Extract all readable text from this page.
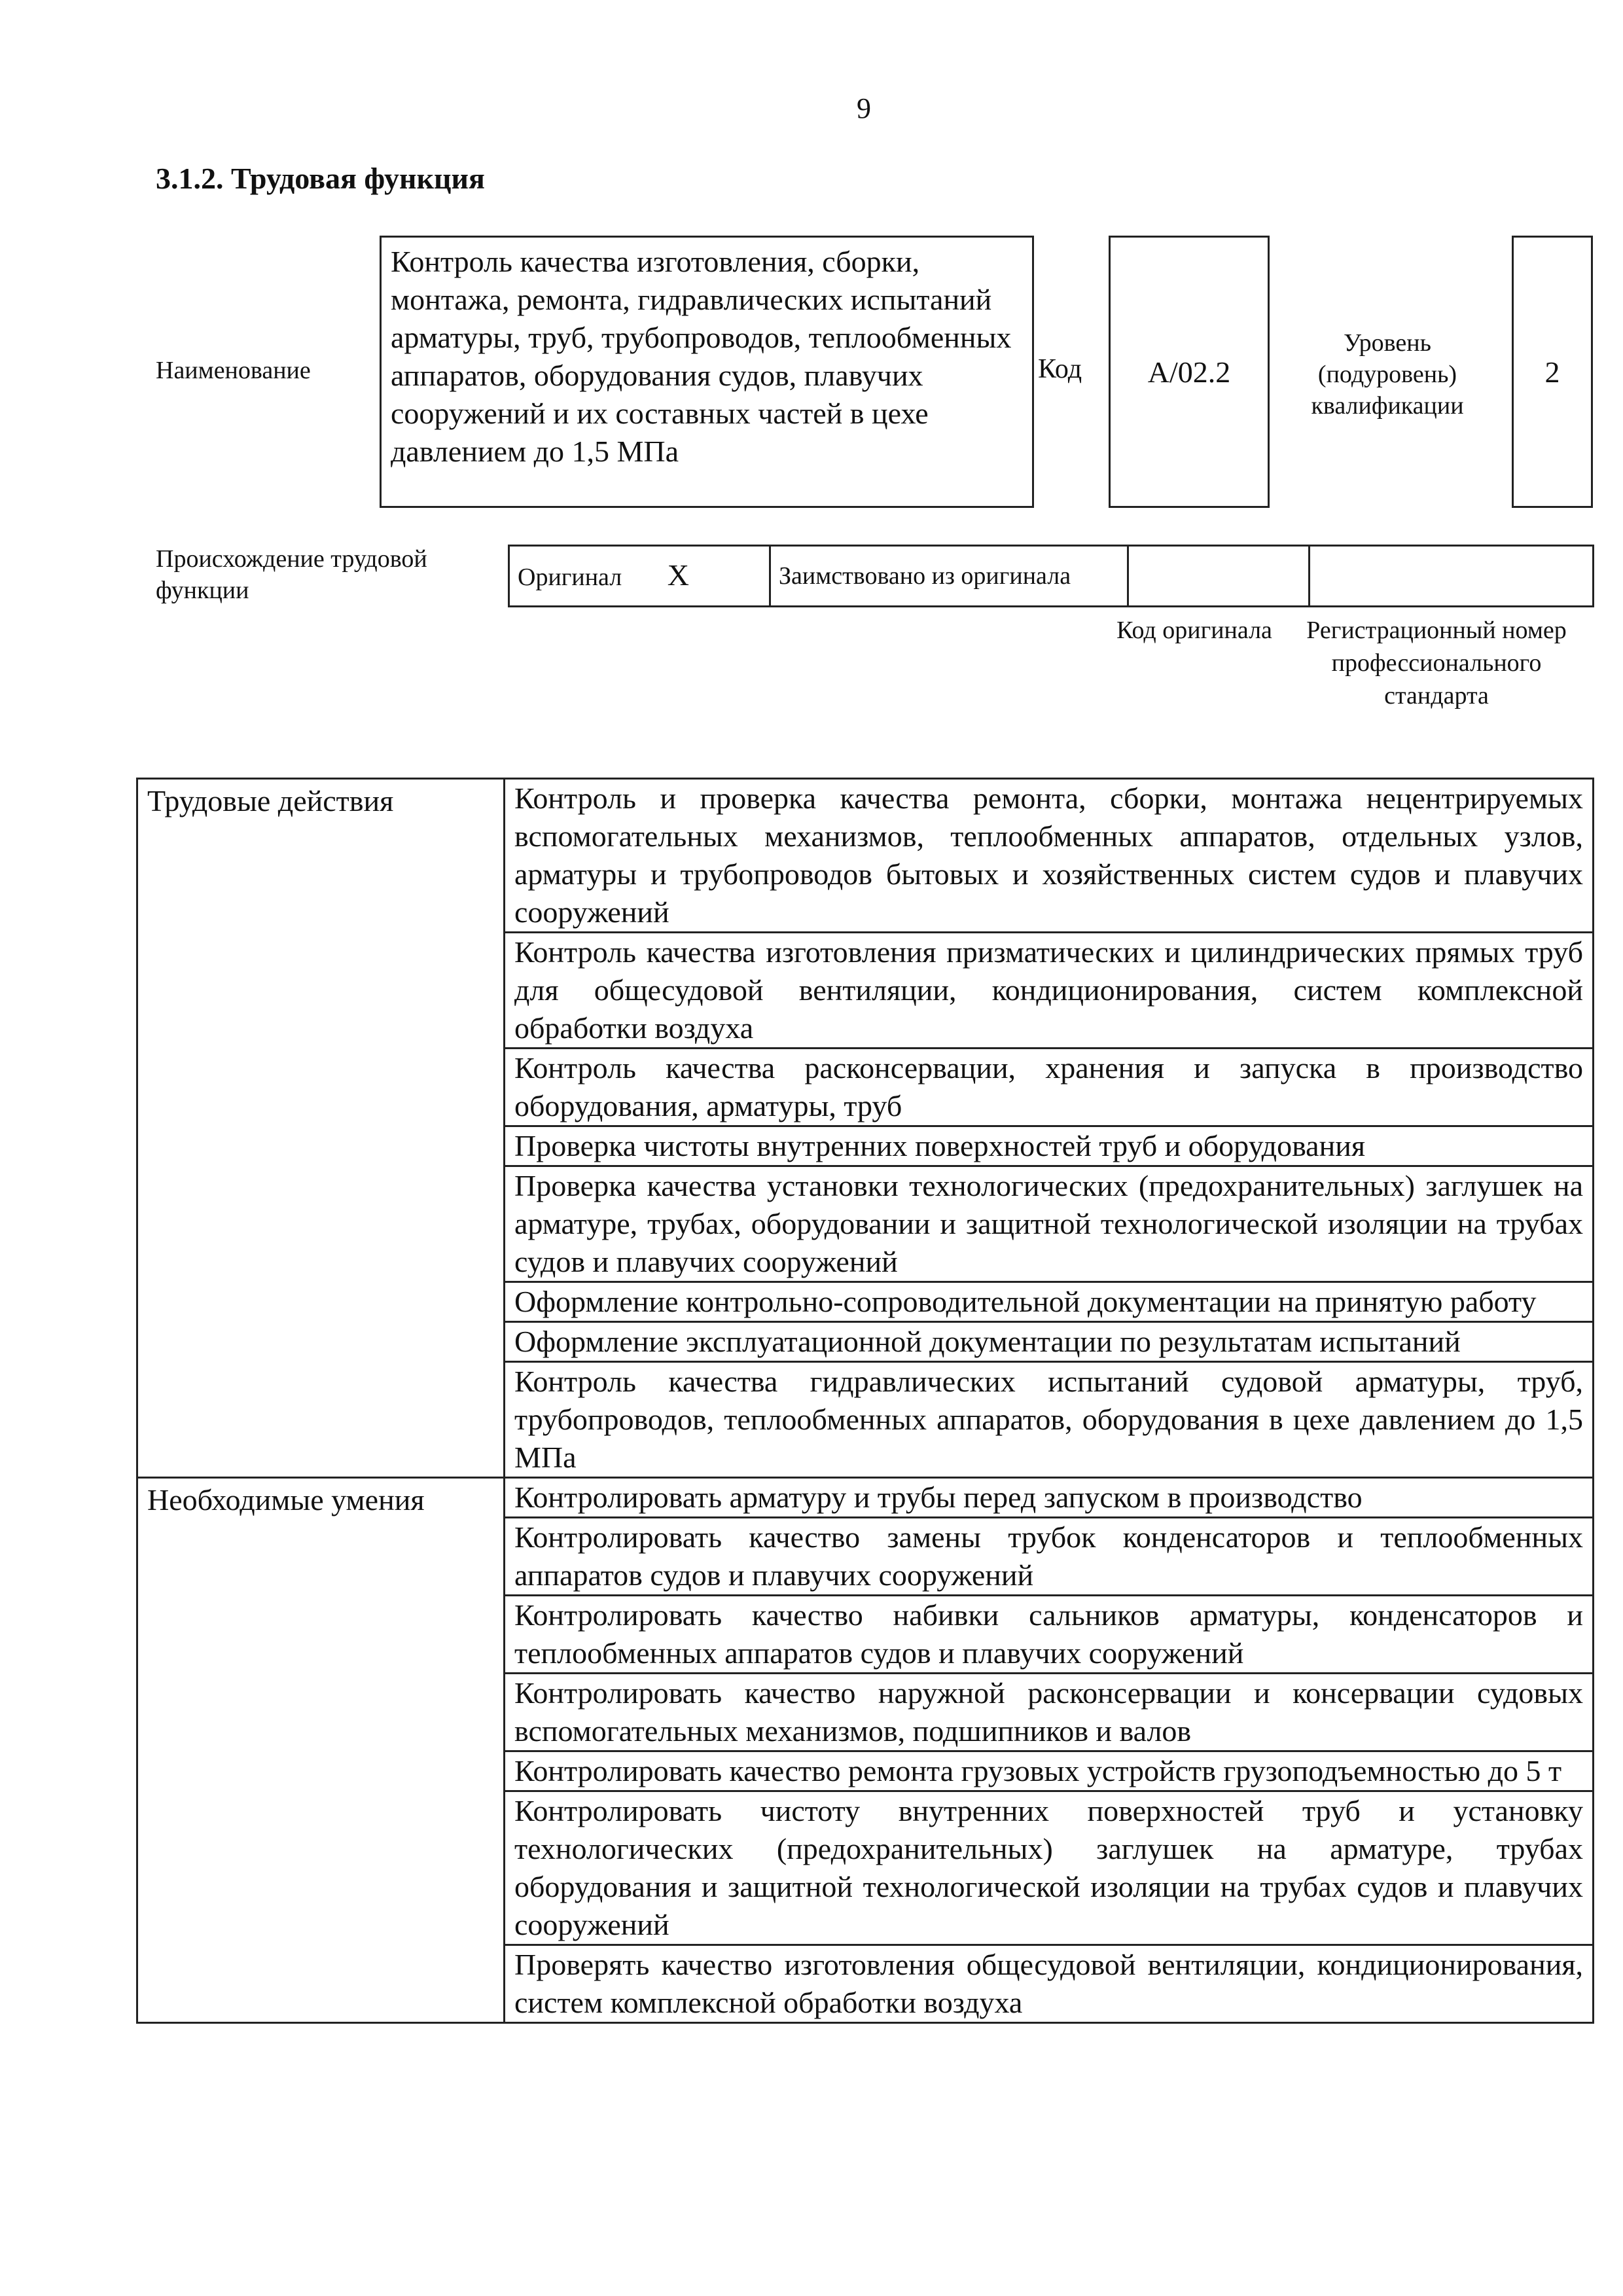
9
3.1.2. Трудовая функция
Наименование
Контроль качества изготовления, сборки, монтажа, ремонта, гидравлических испытаний арматуры, труб, трубопроводов, теплообменных аппаратов, оборудования судов, плавучих сооружений и их составных частей в цехе давлением до 1,5 МПа
Код А/02.2
Уровень (подуровень) квалификации
2
Происхождение трудовой функции	Оригинал X	Заимствовано из оригинала		
Код оригинала	Регистрационный номер профессионального стандарта
Трудовые действия	Контроль и проверка качества ремонта, сборки, монтажа нецентрируемых вспомогательных механизмов, теплообменных аппаратов, отдельных узлов, арматуры и трубопроводов бытовых и хозяйственных систем судов и плавучих сооружений
	Контроль качества изготовления призматических и цилиндрических прямых труб для общесудовой вентиляции, кондиционирования, систем комплексной обработки воздуха
	Контроль качества расконсервации, хранения и запуска в производство оборудования, арматуры, труб
	Проверка чистоты внутренних поверхностей труб и оборудования
	Проверка качества установки технологических (предохранительных) заглушек на арматуре, трубах, оборудовании и защитной технологической изоляции на трубах судов и плавучих сооружений
	Оформление контрольно-сопроводительной документации на принятую работу
	Оформление эксплуатационной документации по результатам испытаний
	Контроль качества гидравлических испытаний судовой арматуры, труб, трубопроводов, теплообменных аппаратов, оборудования в цехе давлением до 1,5 МПа
Необходимые умения	Контролировать арматуру и трубы перед запуском в производство
	Контролировать качество замены трубок конденсаторов и теплообменных аппаратов судов и плавучих сооружений
	Контролировать качество набивки сальников арматуры, конденсаторов и теплообменных аппаратов судов и плавучих сооружений
	Контролировать качество наружной расконсервации и консервации судовых вспомогательных механизмов, подшипников и валов
	Контролировать качество ремонта грузовых устройств грузоподъемностью до 5 т
	Контролировать чистоту внутренних поверхностей труб и установку технологических (предохранительных) заглушек на арматуре, трубах оборудования и защитной технологической изоляции на трубах судов и плавучих сооружений
	Проверять качество изготовления общесудовой вентиляции, кондиционирования, систем комплексной обработки воздуха
